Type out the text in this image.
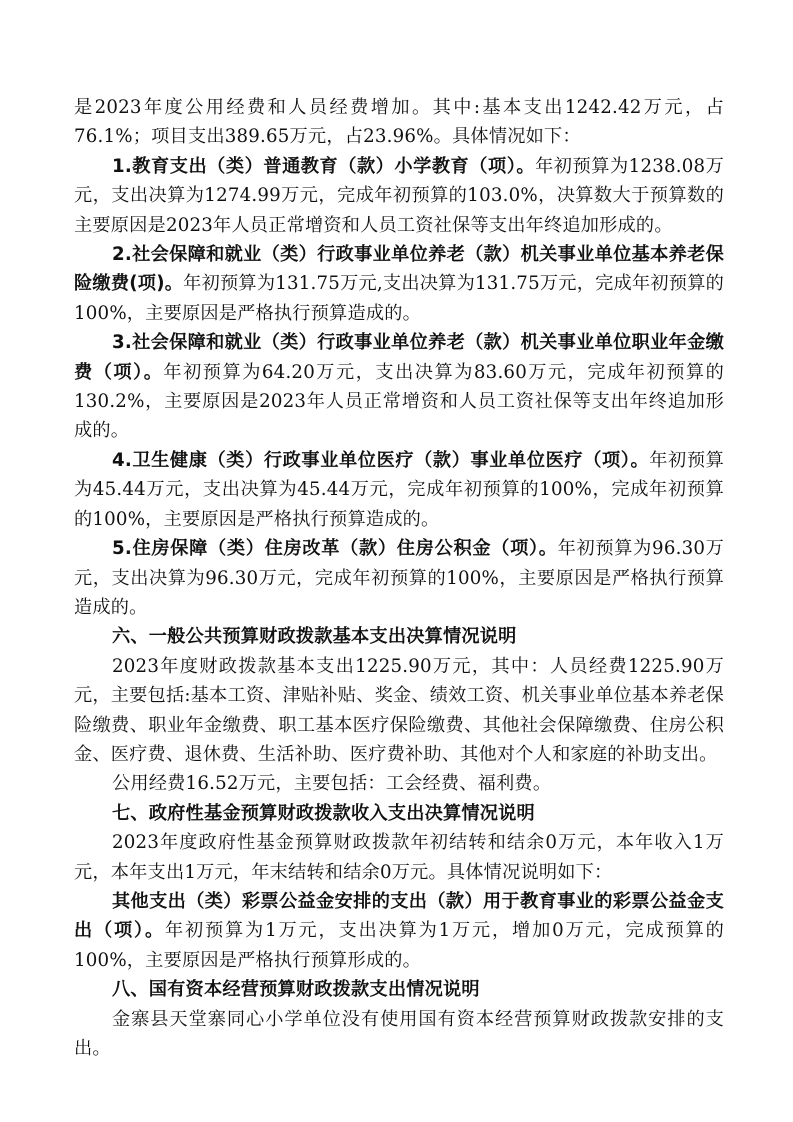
是2023年度公用经费和人员经费增加。其中:基本支出1242.42万元，占76.1%；项目支出389.65万元，占23.96%。具体情况如下：

1.教育支出（类）普通教育（款）小学教育（项）。年初预算为1238.08万元，支出决算为1274.99万元，完成年初预算的103.0%，决算数大于预算数的主要原因是2023年人员正常增资和人员工资社保等支出年终追加形成的。

2.社会保障和就业（类）行政事业单位养老（款）机关事业单位基本养老保险缴费(项)。年初预算为131.75万元,支出决算为131.75万元，完成年初预算的100%，主要原因是严格执行预算造成的。

3.社会保障和就业（类）行政事业单位养老（款）机关事业单位职业年金缴费（项）。年初预算为64.20万元，支出决算为83.60万元，完成年初预算的130.2%，主要原因是2023年人员正常增资和人员工资社保等支出年终追加形成的。

4.卫生健康（类）行政事业单位医疗（款）事业单位医疗（项）。年初预算为45.44万元，支出决算为45.44万元，完成年初预算的100%，完成年初预算的100%，主要原因是严格执行预算造成的。

5.住房保障（类）住房改革（款）住房公积金（项）。年初预算为96.30万元，支出决算为96.30万元，完成年初预算的100%，主要原因是严格执行预算造成的。

六、一般公共预算财政拨款基本支出决算情况说明

2023年度财政拨款基本支出1225.90万元，其中：人员经费1225.90万元，主要包括:基本工资、津贴补贴、奖金、绩效工资、机关事业单位基本养老保险缴费、职业年金缴费、职工基本医疗保险缴费、其他社会保障缴费、住房公积金、医疗费、退休费、生活补助、医疗费补助、其他对个人和家庭的补助支出。

公用经费16.52万元，主要包括：工会经费、福利费。

七、政府性基金预算财政拨款收入支出决算情况说明

2023年度政府性基金预算财政拨款年初结转和结余0万元，本年收入1万元，本年支出1万元，年末结转和结余0万元。具体情况说明如下：

其他支出（类）彩票公益金安排的支出（款）用于教育事业的彩票公益金支出（项）。年初预算为1万元，支出决算为1万元，增加0万元，完成预算的100%，主要原因是严格执行预算形成的。

八、国有资本经营预算财政拨款支出情况说明

金寨县天堂寨同心小学单位没有使用国有资本经营预算财政拨款安排的支出。
